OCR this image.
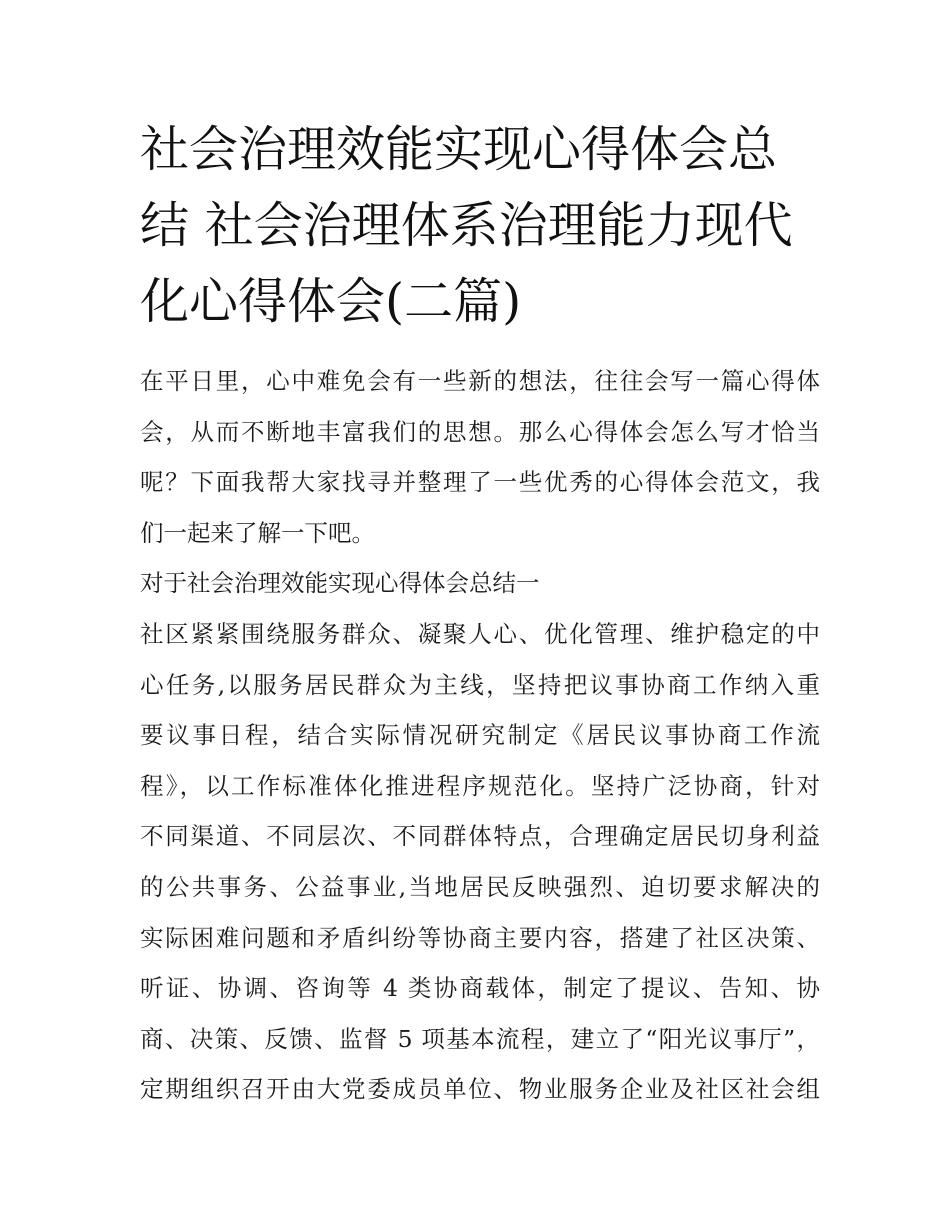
社会治理效能实现心得体会总
结 社会治理体系治理能力现代
化心得体会(二篇)
在平日里，心中难免会有一些新的想法，往往会写一篇心得体
会，从而不断地丰富我们的思想。那么心得体会怎么写才恰当
呢？下面我帮大家找寻并整理了一些优秀的心得体会范文，我
们一起来了解一下吧。
对于社会治理效能实现心得体会总结一
社区紧紧围绕服务群众、凝聚人心、优化管理、维护稳定的中
心任务,以服务居民群众为主线，坚持把议事协商工作纳入重
要议事日程，结合实际情况研究制定《居民议事协商工作流
程》，以工作标准体化推进程序规范化。坚持广泛协商，针对
不同渠道、不同层次、不同群体特点，合理确定居民切身利益
的公共事务、公益事业,当地居民反映强烈、迫切要求解决的
实际困难问题和矛盾纠纷等协商主要内容，搭建了社区决策、
听证、协调、咨询等 4 类协商载体，制定了提议、告知、协
商、决策、反馈、监督 5 项基本流程，建立了“阳光议事厅”，
定期组织召开由大党委成员单位、物业服务企业及社区社会组
